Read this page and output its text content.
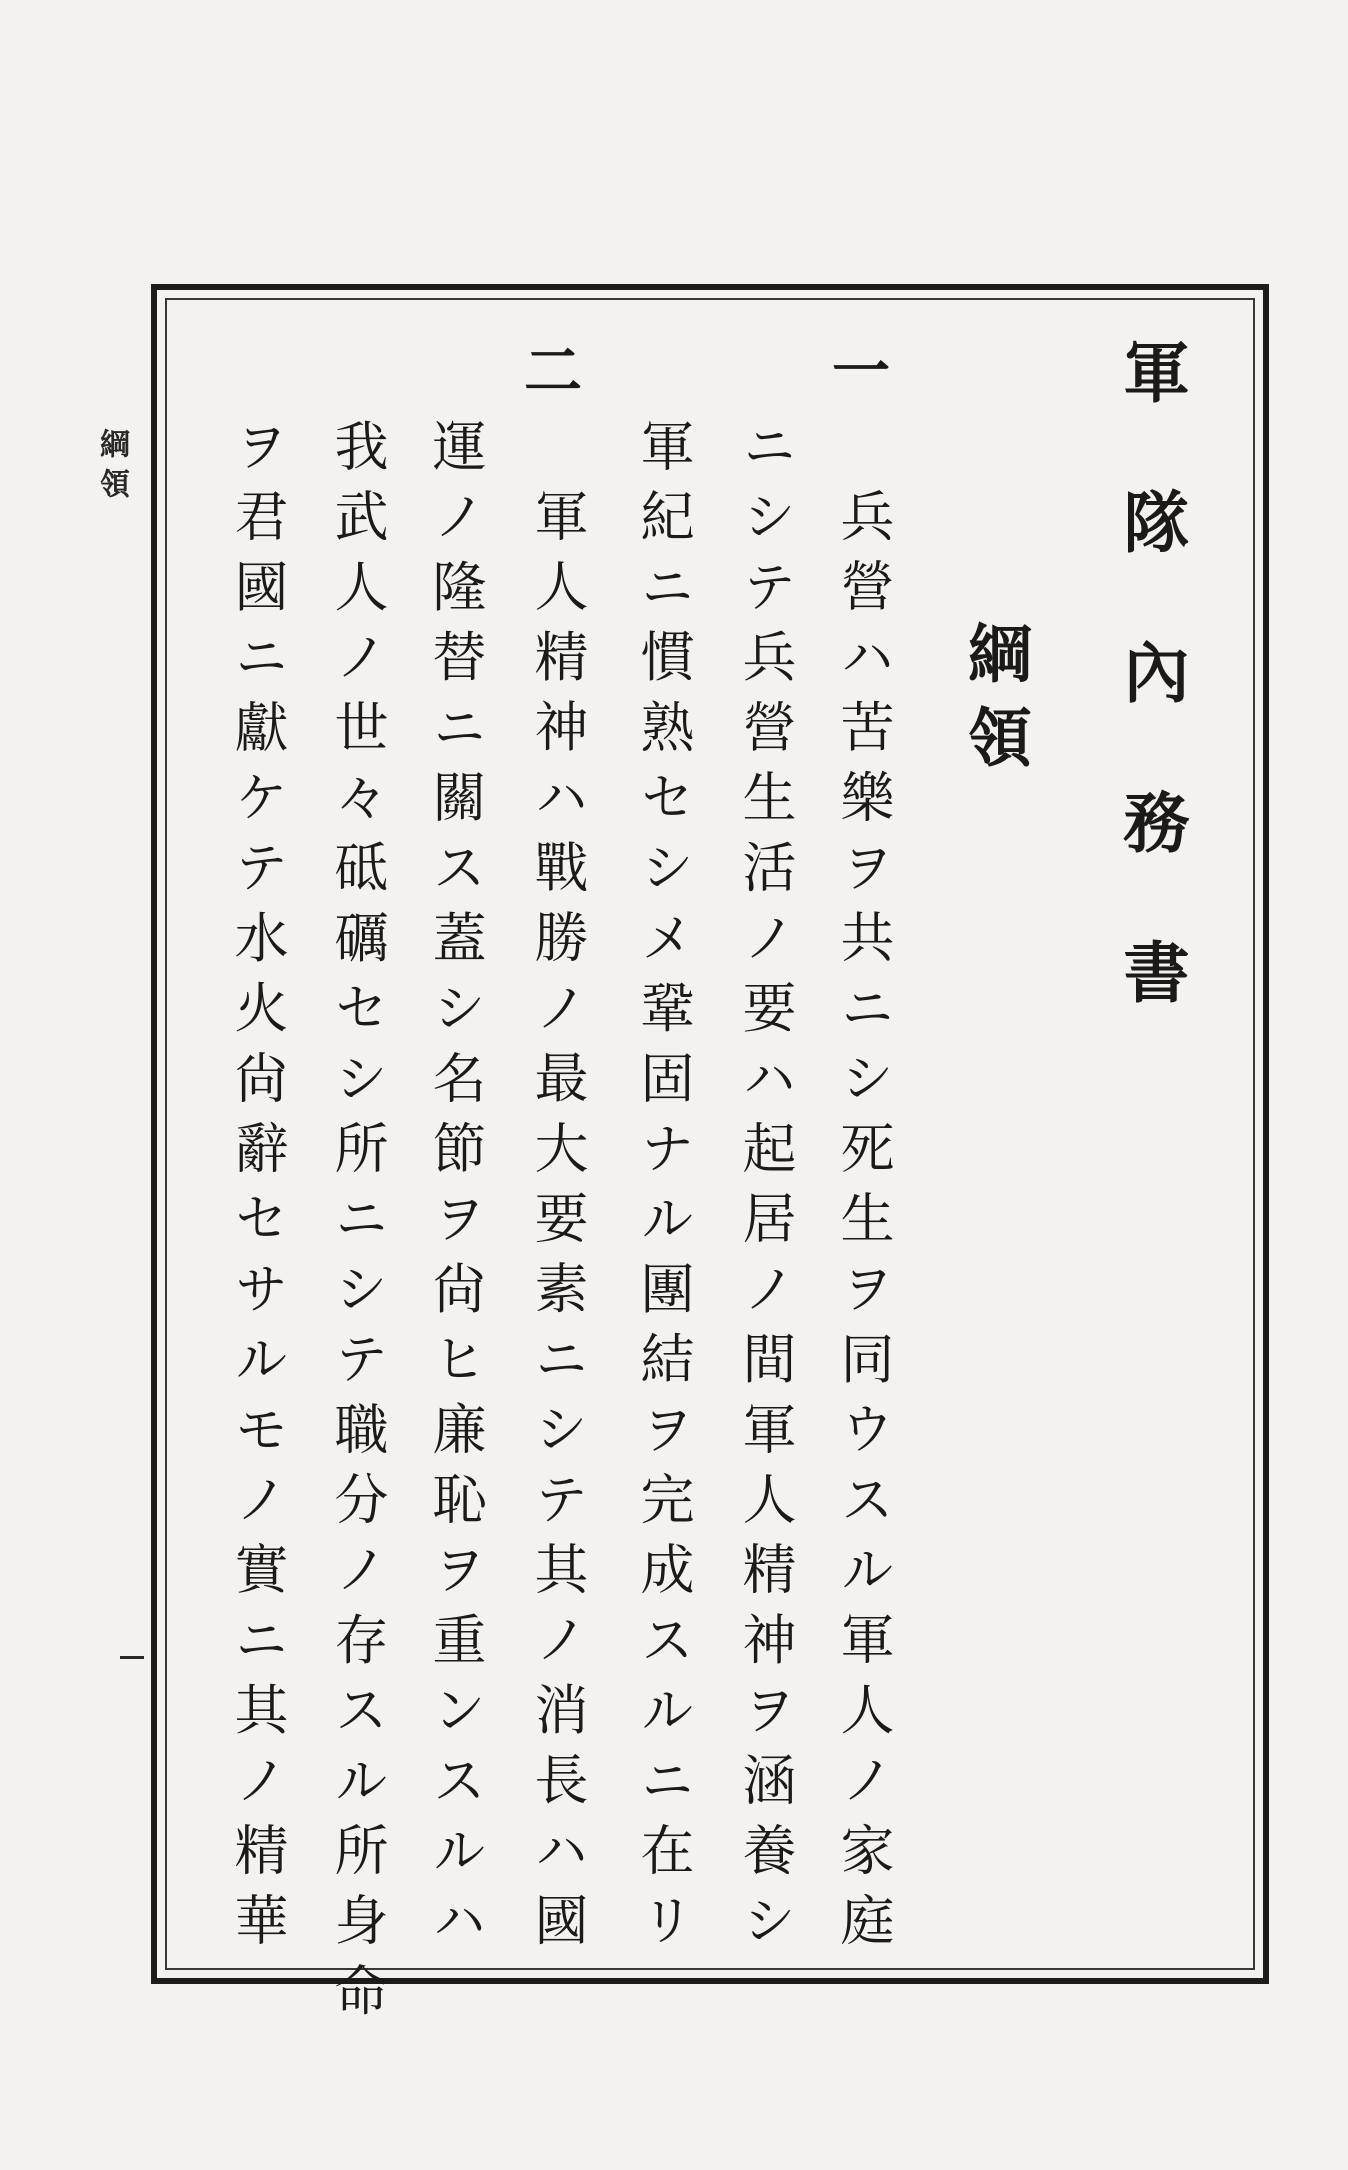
軍隊內務書
綱領
一
兵營ハ苦樂ヲ共ニシ死生ヲ同ウスル軍人ノ家庭
ニシテ兵營生活ノ要ハ起居ノ間軍人精神ヲ涵養シ
軍紀ニ慣熟セシメ鞏固ナル團結ヲ完成スルニ在リ
二
軍人精神ハ戰勝ノ最大要素ニシテ其ノ消長ハ國
運ノ隆替ニ關ス蓋シ名節ヲ尙ヒ廉恥ヲ重ンスルハ
我武人ノ世々砥礪セシ所ニシテ職分ノ存スル所身命
ヲ君國ニ獻ケテ水火尙辭セサルモノ實ニ其ノ精華
綱領
